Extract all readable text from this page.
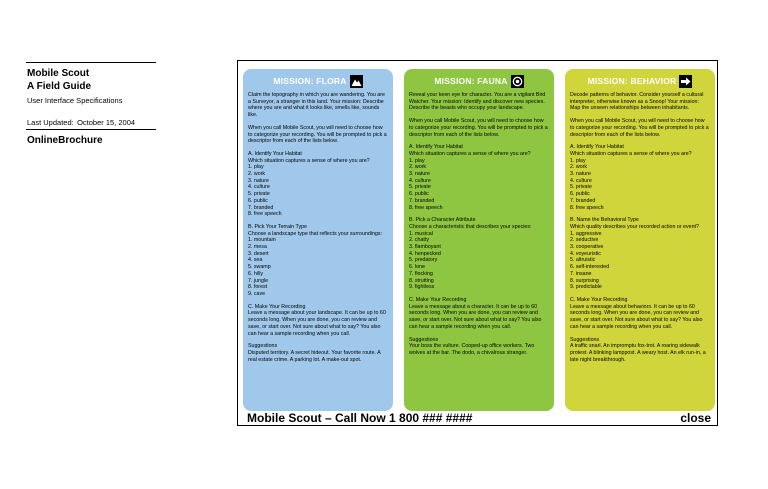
Mobile Scout
A Field Guide
User Interface Specifications
Last Updated: October 15, 2004
OnlineBrochure
MISSION: FLORA

Claim the topography in which you are wandering. You are a Surveyor, a stranger in this land. Your mission: Describe where you are and what it looks like, smells like, sounds like.

When you call Mobile Scout, you will need to choose how to categorize your recording. You will be prompted to pick a descriptor from each of the lists below.

A. Identify Your Habitat
Which situation captures a sense of where you are?
1. play
2. work
3. nature
4. culture
5. private
6. public
7. branded
8. free speech
B. Pick Your Terrain Type

Choose a landscape type that reflects your surroundings:

1. mountain
2. mesa
3. desert
4. sea
5. swamp
6. hilly
7. jungle
8. forest
9. cave
C. Make Your Recording

Leave a message about your landscape. It can be up to 60 seconds long. When you are done, you can review and save, or start over. Not sure about what to say? You also can hear a sample recording when you call.

Suggestions

Disputed territory. A secret hideout. Your favorite route. A real estate crime. A parking lot. A make-out spot.

MISSION: FAUNA

Reveal your keen eye for character. You are a vigilant Bird Watcher. Your mission: Identify and discover new species. Describe the beasts who occupy your landscape.

When you call Mobile Scout, you will need to choose how to categorize your recording. You will be prompted to pick a descriptor from each of the lists below.

A. Identify Your Habitat
Which situation captures a sense of where you are?
1. play
2. work
3. nature
4. culture
5. private
6. public
7. branded
8. free speech
B. Pick a Character Attribute
Choose a characteristic that describes your species:
1. musical
2. chatty
3. flamboyant
4. henpecked
5. predatory
6. lone
7. flocking
8. strutting
9. fightless
C. Make Your Recording

Leave a message about a character. It can be up to 60 seconds long. When you are done, you can review and save, or start over. Not sure about what to say? You also can hear a sample recording when you call.

Suggestions

Your boss the vulture. Cooped-up office workers. Two wolves at the bar. The dodo, a chivalrous stranger.

MISSION: BEHAVIOR

Decode patterns of behavior. Consider yourself a cultural interpreter, otherwise known as a Snoop! Your mission: Map the unseen relationships between inhabitants.

When you call Mobile Scout, you will need to choose how to categorize your recording. You will be prompted to pick a descriptor from each of the lists below.

A. Identify Your Habitat
Which situation captures a sense of where you are?
1. play
2. work
3. nature
4. culture
5. private
6. public
7. branded
8. free speech
B. Name the Behavioral Type

Which quality describes your recorded action or event?

1. aggressive
2. seductive
3. cooperative
4. voyeuristic
5. altruistic
6. self-interested
7. insane
8. surprising
9. predictable
C. Make Your Recording

Leave a message about behaviors. It can be up to 60 seconds long. When you are done, you can review and save, or start over. Not sure about what to say? You also can hear a sample recording when you call.

Suggestions

A traffic snarl. An impromptu fox-trot. A roaring sidewalk protest. A blinking lamppost. A weary host. An elk run-in, a late night breakthrough.

Mobile Scout – Call Now 1 800 ### ####	close
